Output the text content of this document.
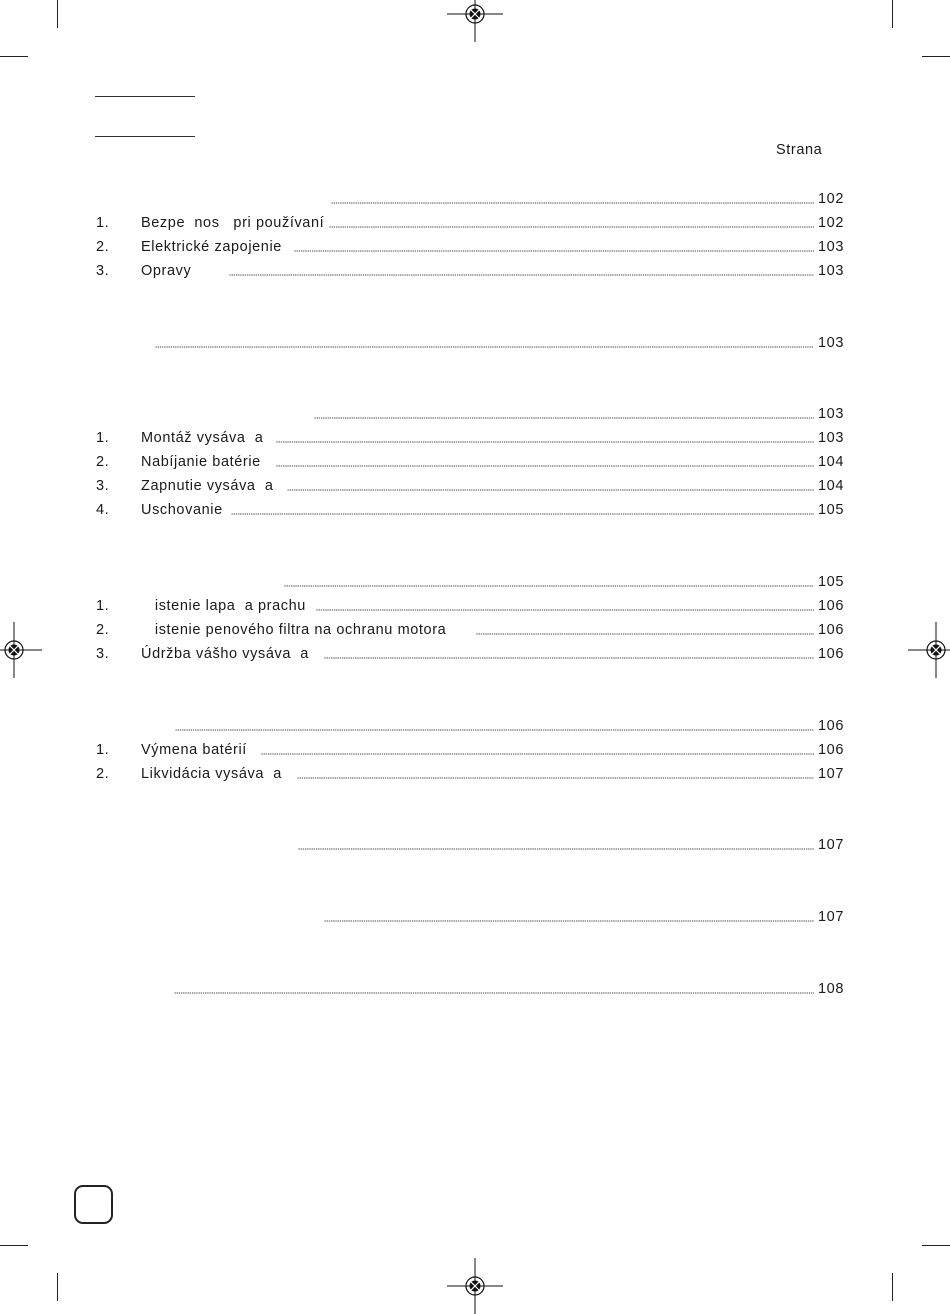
Strana
102
1. Bezpe  nos   pri používaní	102
2. Elektrické zapojenie	103
3. Opravy	103
103
103
1. Montáž vysáva  a	103
2. Nabíjanie batérie	104
3. Zapnutie vysáva  a	104
4. Uschovanie	105
105
1. istenie lapa  a prachu	106
2. istenie penového filtra na ochranu motora	106
3. Údržba vášho vysáva  a	106
106
1. Výmena batérií	106
2. Likvidácia vysáva  a	107
107
107
108
